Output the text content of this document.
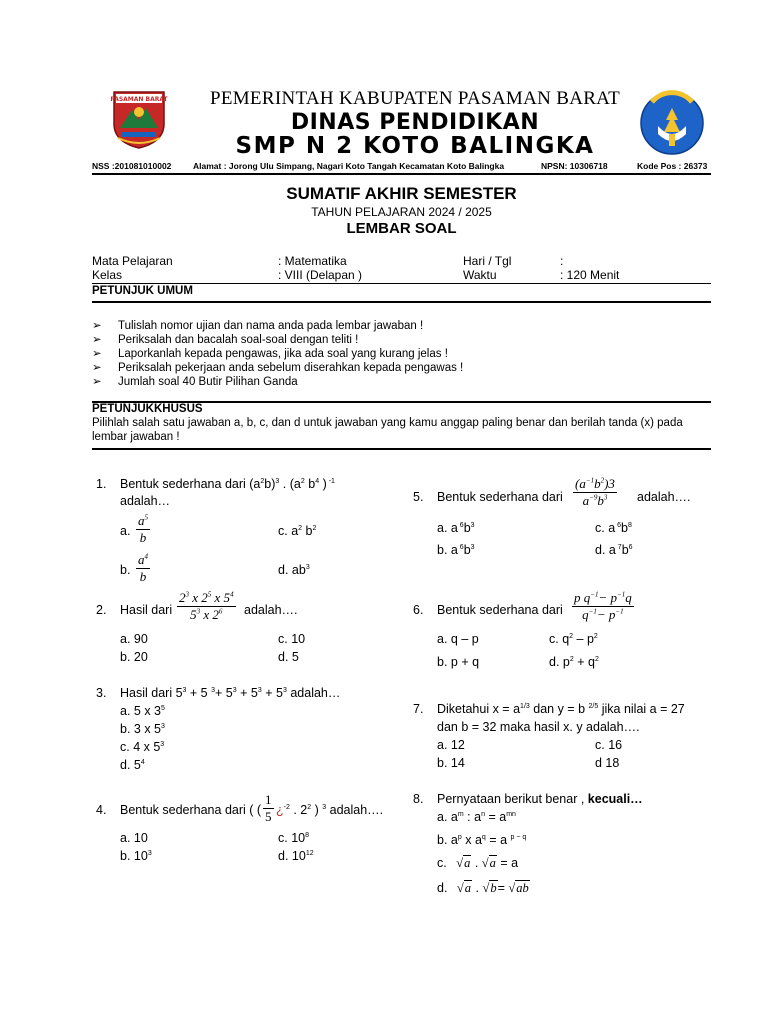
PASAMAN BARAT	PEMERINTAH KABUPATEN PASAMAN BARAT
DINAS PENDIDIKAN
SMP N 2 KOTO BALINGKA
NSS :201081010002	Alamat : Jorong Ulu Simpang, Nagari Koto Tangah Kecamatan Koto Balingka	NPSN: 10306718	Kode Pos : 26373
SUMATIF AKHIR SEMESTER
TAHUN PELAJARAN 2024 / 2025
LEMBAR SOAL
Mata Pelajaran	: Matematika	Hari / Tgl	:
Kelas	: VIII (Delapan )	Waktu	: 120 Menit
PETUNJUK UMUM
➢ Tulislah nomor ujian dan nama anda pada lembar jawaban !
➢ Periksalah dan bacalah soal-soal dengan teliti !
➢ Laporkanlah kepada pengawas, jika ada soal yang kurang jelas !
➢ Periksalah pekerjaan anda sebelum diserahkan kepada pengawas !
➢ Jumlah soal 40 Butir Pilihan Ganda
PETUNJUKKHUSUS
Pilihlah salah satu jawaban a, b, c, dan d untuk jawaban yang kamu anggap paling benar dan berilah tanda (x) pada
lembar jawaban !
1. Bentuk sederhana dari $(a^2b)^3$ . ($a^2$ $b^4$ ) $^{-1}$
adalah…
a. $\frac{a^5}{b}$	c. $a^2$ $b^2$
b. $\frac{a^4}{b}$	d. $ab^3$
2. Hasil dari $\frac{2^3 x 2^5 x 5^4}{5^3 x 2^6}$ adalah….
a. 90	c. 10
b. 20	d. 5
3. Hasil dari $5^3 + 5$ $^3+ 5^3 + 5^3 + 5^3$ adalah…
a. 5 x $3^5$
b. 3 x $5^3$
c. 4 x $5^3$
d. $5^4$
4. Bentuk sederhana dari ( ( $\frac{1}{5}$ ¿$^{-2}$ . $2^2$ ) $^3$ adalah….
a. 10	c. $10^8$
b. $10^3$	d. $10^{12}$
5. Bentuk sederhana dari $\frac{(a^{-1}b^2)3}{a^{-9}b^3}$ adalah….
a. a $^6b^3$	c. a $^6b^8$
b. a $^6b^3$	d. a $^7b^6$
6. Bentuk sederhana dari $\frac{p q^{-1}- p^{-1}q}{q^{-1}- p^{-1}}$
a. q – p	c. $q^2 - p^2$
b. p + q	d. $p^2 + q^2$
7. Diketahui $x = a^{1/3}$ dan y = b $^{2/5}$ jika nilai a = 27
dan b = 32 maka hasil x. y adalah….
a. 12	c. 16
b. 14	d 18
8. Pernyataan berikut benar , kecuali…
a. $a^m$ : $a^n = a^{mn}$
b. $a^p$ x $a^q = a$ $^{p - q}$
c. √a . √a = a
d. √a . √b= √ab
